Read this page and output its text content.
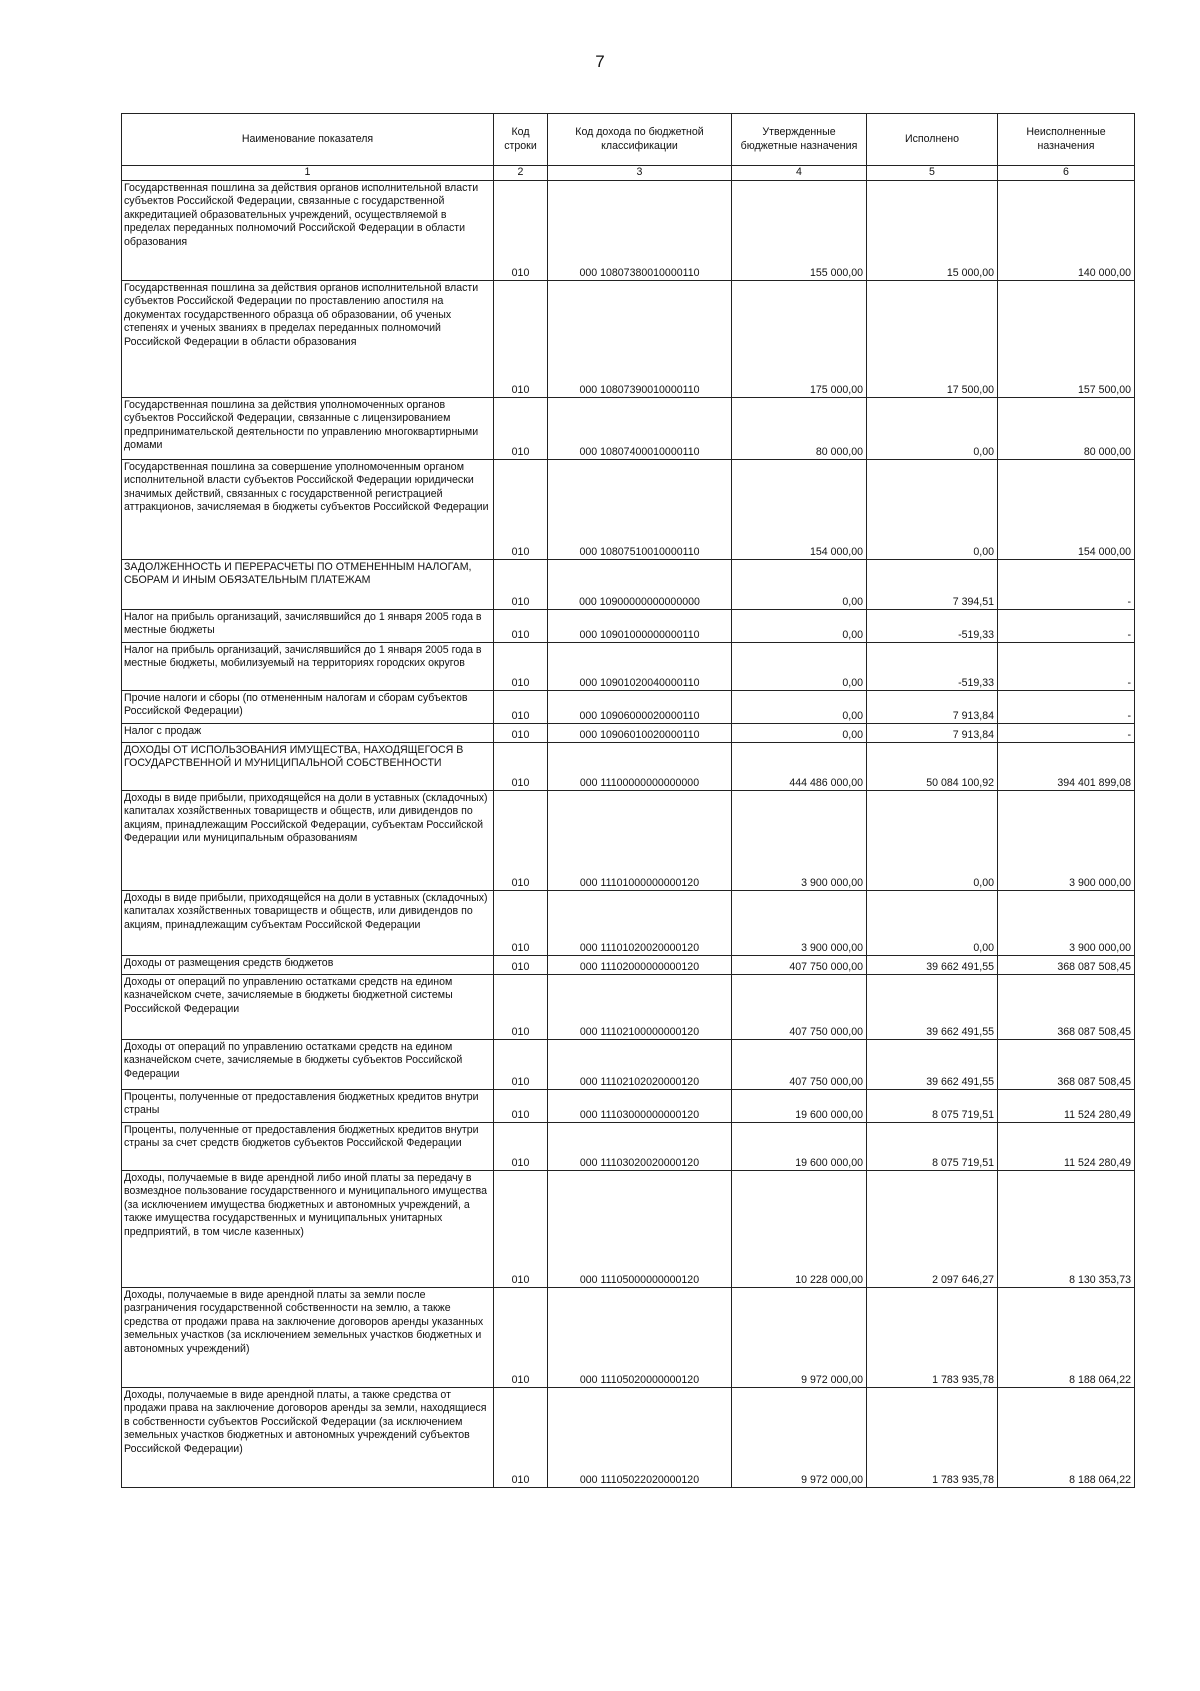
7
Наименование показателя	Код строки	Код дохода по бюджетной классификации	Утвержденные бюджетные назначения	Исполнено	Неисполненные назначения
1	2	3	4	5	6
Государственная пошлина за действия органов исполнительной власти субъектов Российской Федерации, связанные с государственной аккредитацией образовательных учреждений, осуществляемой в пределах переданных полномочий Российской Федерации в области образования	010	000 10807380010000110	155 000,00	15 000,00	140 000,00
Государственная пошлина за действия органов исполнительной власти субъектов Российской Федерации по проставлению апостиля на документах государственного образца об образовании, об ученых степенях и ученых званиях в пределах переданных полномочий Российской Федерации в области образования	010	000 10807390010000110	175 000,00	17 500,00	157 500,00
Государственная пошлина за действия уполномоченных органов субъектов Российской Федерации, связанные с лицензированием предпринимательской деятельности по управлению многоквартирными домами	010	000 10807400010000110	80 000,00	0,00	80 000,00
Государственная пошлина за совершение уполномоченным органом исполнительной власти субъектов Российской Федерации юридически значимых действий, связанных с государственной регистрацией аттракционов, зачисляемая в бюджеты субъектов Российской Федерации	010	000 10807510010000110	154 000,00	0,00	154 000,00
ЗАДОЛЖЕННОСТЬ И ПЕРЕРАСЧЕТЫ ПО ОТМЕНЕННЫМ НАЛОГАМ, СБОРАМ И ИНЫМ ОБЯЗАТЕЛЬНЫМ ПЛАТЕЖАМ	010	000 10900000000000000	0,00	7 394,51	-
Налог на прибыль организаций, зачислявшийся до 1 января 2005 года в местные бюджеты	010	000 10901000000000110	0,00	-519,33	-
Налог на прибыль организаций, зачислявшийся до 1 января 2005 года в местные бюджеты, мобилизуемый на территориях городских округов	010	000 10901020040000110	0,00	-519,33	-
Прочие налоги и сборы (по отмененным налогам и сборам субъектов Российской Федерации)	010	000 10906000020000110	0,00	7 913,84	-
Налог с продаж	010	000 10906010020000110	0,00	7 913,84	-
ДОХОДЫ ОТ ИСПОЛЬЗОВАНИЯ ИМУЩЕСТВА, НАХОДЯЩЕГОСЯ В ГОСУДАРСТВЕННОЙ И МУНИЦИПАЛЬНОЙ СОБСТВЕННОСТИ	010	000 11100000000000000	444 486 000,00	50 084 100,92	394 401 899,08
Доходы в виде прибыли, приходящейся на доли в уставных (складочных) капиталах хозяйственных товариществ и обществ, или дивидендов по акциям, принадлежащим Российской Федерации, субъектам Российской Федерации или муниципальным образованиям	010	000 11101000000000120	3 900 000,00	0,00	3 900 000,00
Доходы в виде прибыли, приходящейся на доли в уставных (складочных) капиталах хозяйственных товариществ и обществ, или дивидендов по акциям, принадлежащим субъектам Российской Федерации	010	000 11101020020000120	3 900 000,00	0,00	3 900 000,00
Доходы от размещения средств бюджетов	010	000 11102000000000120	407 750 000,00	39 662 491,55	368 087 508,45
Доходы от операций по управлению остатками средств на едином казначейском счете, зачисляемые в бюджеты бюджетной системы Российской Федерации	010	000 11102100000000120	407 750 000,00	39 662 491,55	368 087 508,45
Доходы от операций по управлению остатками средств на едином казначейском счете, зачисляемые в бюджеты субъектов Российской Федерации	010	000 11102102020000120	407 750 000,00	39 662 491,55	368 087 508,45
Проценты, полученные от предоставления бюджетных кредитов внутри страны	010	000 11103000000000120	19 600 000,00	8 075 719,51	11 524 280,49
Проценты, полученные от предоставления бюджетных кредитов внутри страны за счет средств бюджетов субъектов Российской Федерации	010	000 11103020020000120	19 600 000,00	8 075 719,51	11 524 280,49
Доходы, получаемые в виде арендной либо иной платы за передачу в возмездное пользование государственного и муниципального имущества (за исключением имущества бюджетных и автономных учреждений, а также имущества государственных и муниципальных унитарных предприятий, в том числе казенных)	010	000 11105000000000120	10 228 000,00	2 097 646,27	8 130 353,73
Доходы, получаемые в виде арендной платы за земли после разграничения государственной собственности на землю, а также средства от продажи права на заключение договоров аренды указанных земельных участков (за исключением земельных участков бюджетных и автономных учреждений)	010	000 11105020000000120	9 972 000,00	1 783 935,78	8 188 064,22
Доходы, получаемые в виде арендной платы, а также средства от продажи права на заключение договоров аренды за земли, находящиеся в собственности субъектов Российской Федерации (за исключением земельных участков бюджетных и автономных учреждений субъектов Российской Федерации)	010	000 11105022020000120	9 972 000,00	1 783 935,78	8 188 064,22
